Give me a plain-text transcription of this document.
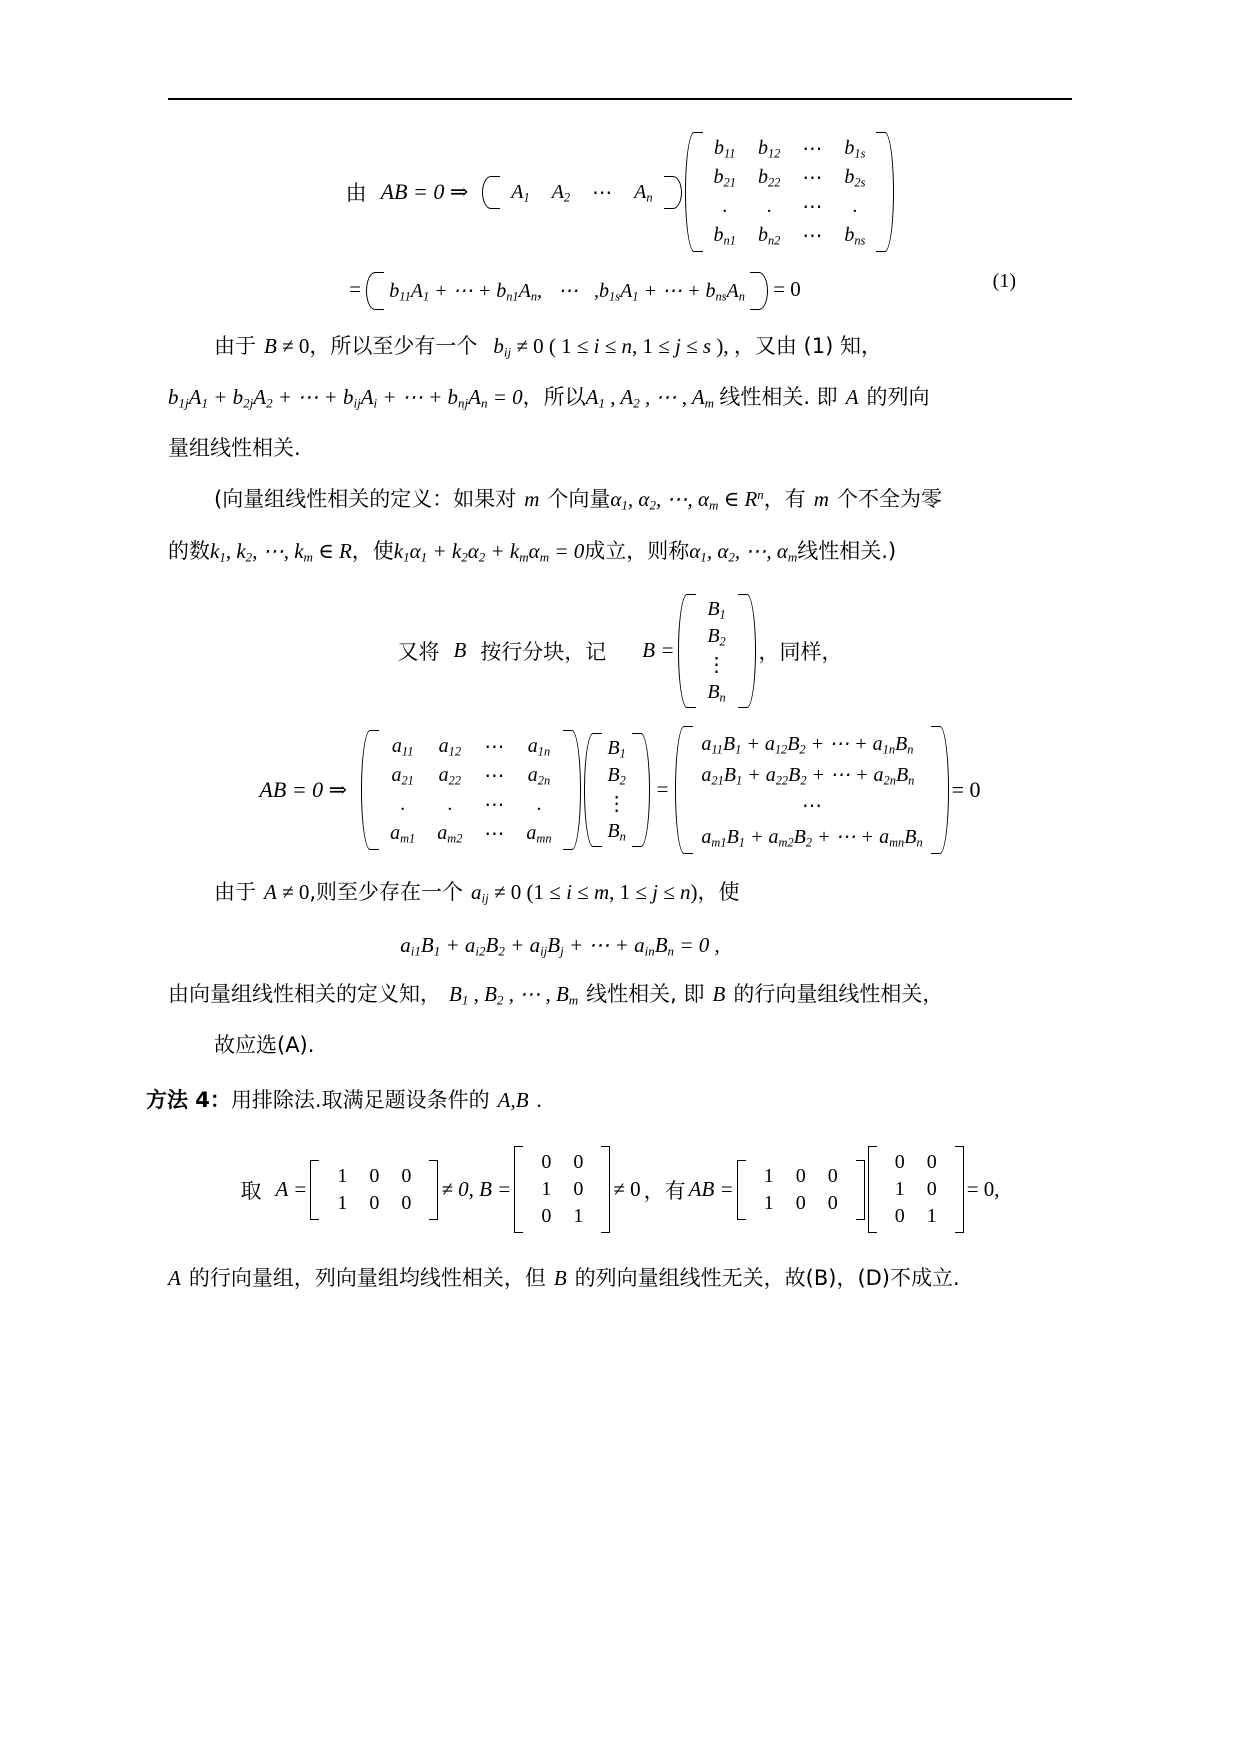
由 AB = 0 ⇒	$A_1$	$A_2$	⋯	$A_n$
$b_{11}$	$b_{12}$	⋯	$b_{1s}$
$b_{21}$	$b_{22}$	⋯	$b_{2s}$
.	.	⋯	.
$b_{n1}$	$b_{n2}$	⋯	$b_{ns}$
= $b_{11}A_1$ + ⋯ + $b_{n1}A_n$, ⋯ $,b_{1s}A_1$ + ⋯ + $b_{ns}A_n = 0$	(1)
由于 B ≠ 0，所以至少有一个 $b_{ij} \ne 0$ ( 1 ≤ i ≤ n, 1 ≤ j ≤ s ), ，又由 (1) 知，
$b_{1j}A_1 + b_{2j}A_2$ + ⋯ + $b_{ij}A_i$ + ⋯ + $b_{nj}A_n = 0$，所以$A_1$ , $A_2$ , ⋯ , $A_m$ 线性相关. 即 A 的列向
量组线性相关.
(向量组线性相关的定义：如果对 m 个向量$\alpha_1$, $\alpha_2$, ⋯, $\alpha_m$ ∈ $R^n$，有 m 个不全为零
的数$k_1$, $k_2$, ⋯, $k_m$ ∈ R，使$k_1\alpha_1 + k_2\alpha_2 + k_m\alpha_m = 0$成立，则称$\alpha_1$, $\alpha_2$, ⋯, $\alpha_m$线性相关.)
又将 B 按行分块，记 B =
$B_1$
$B_2$
⋮
$B_n$
，同样，
AB = 0 ⇒
$a_{11}$	$a_{12}$	⋯	$a_{1n}$
$a_{21}$	$a_{22}$	⋯	$a_{2n}$
.	.	⋯	.
$a_{m1}$	$a_{m2}$	⋯	$a_{mn}$
$B_1$
$B_2$
⋮
$B_n$
=
$a_{11}B_1 + a_{12}B_2$ + ⋯ + $a_{1n}B_n$
$a_{21}B_1 + a_{22}B_2$ + ⋯ + $a_{2n}B_n$
⋯
$a_{m1}B_1 + a_{m2}B_2$ + ⋯ + $a_{mn}B_n$
= 0
由于 A ≠ 0,则至少存在一个 $a_{ij} \ne 0$ (1 ≤ i ≤ m, 1 ≤ j ≤ n)，使
$a_{i1}B_1 + a_{i2}B_2 + a_{ij}B_j$ + ⋯ + $a_{in}B_n = 0$ ,
由向量组线性相关的定义知， $B_1$ , $B_2$ , ⋯ , $B_m$ 线性相关, 即 B 的行向量组线性相关，
故应选(A).
方法 4：用排除法.取满足题设条件的 A,B .
取 A =
1	0	0
1	0	0
≠ 0, B =
0	0
1	0
0	1
≠ 0 ，有 AB =
1	0	0
1	0	0
0	0
1	0
0	1
= 0,
A 的行向量组，列向量组均线性相关，但 B 的列向量组线性无关，故(B)，(D)不成立.
